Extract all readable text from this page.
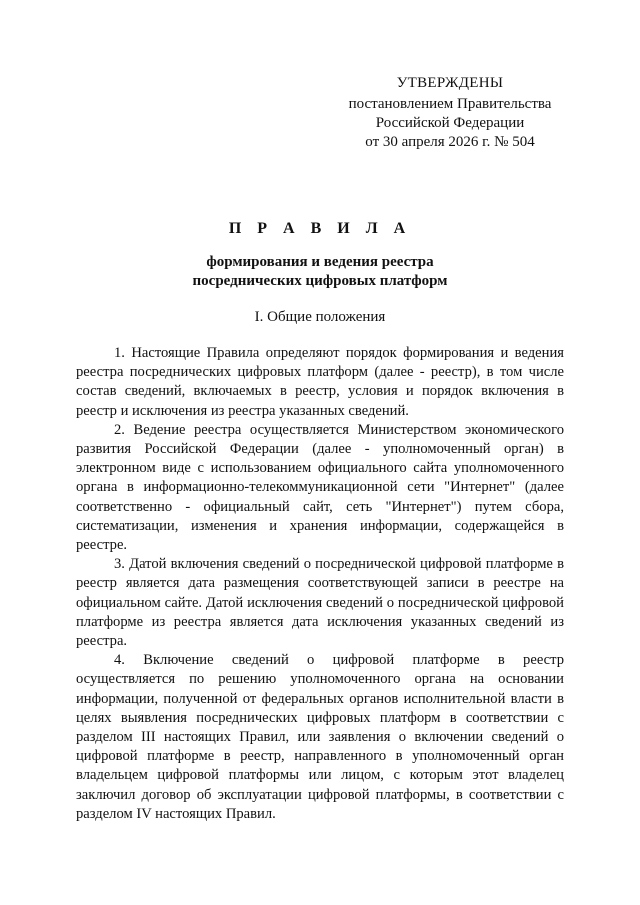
УТВЕРЖДЕНЫ
постановлением Правительства
Российской Федерации
от 30 апреля 2026 г. № 504
П Р А В И Л А
формирования и ведения реестра
посреднических цифровых платформ
I. Общие положения

1. Настоящие Правила определяют порядок формирования и ведения реестра посреднических цифровых платформ (далее - реестр), в том числе состав сведений, включаемых в реестр, условия и порядок включения в реестр и исключения из реестра указанных сведений.

2. Ведение реестра осуществляется Министерством экономического развития Российской Федерации (далее - уполномоченный орган) в электронном виде с использованием официального сайта уполномоченного органа в информационно-телекоммуникационной сети "Интернет" (далее соответственно - официальный сайт, сеть "Интернет") путем сбора, систематизации, изменения и хранения информации, содержащейся в реестре.

3. Датой включения сведений о посреднической цифровой платформе в реестр является дата размещения соответствующей записи в реестре на официальном сайте. Датой исключения сведений о посреднической цифровой платформе из реестра является дата исключения указанных сведений из реестра.

4. Включение сведений о цифровой платформе в реестр осуществляется по решению уполномоченного органа на основании информации, полученной от федеральных органов исполнительной власти в целях выявления посреднических цифровых платформ в соответствии с разделом III настоящих Правил, или заявления о включении сведений о цифровой платформе в реестр, направленного в уполномоченный орган владельцем цифровой платформы или лицом, с которым этот владелец заключил договор об эксплуатации цифровой платформы, в соответствии с разделом IV настоящих Правил.
